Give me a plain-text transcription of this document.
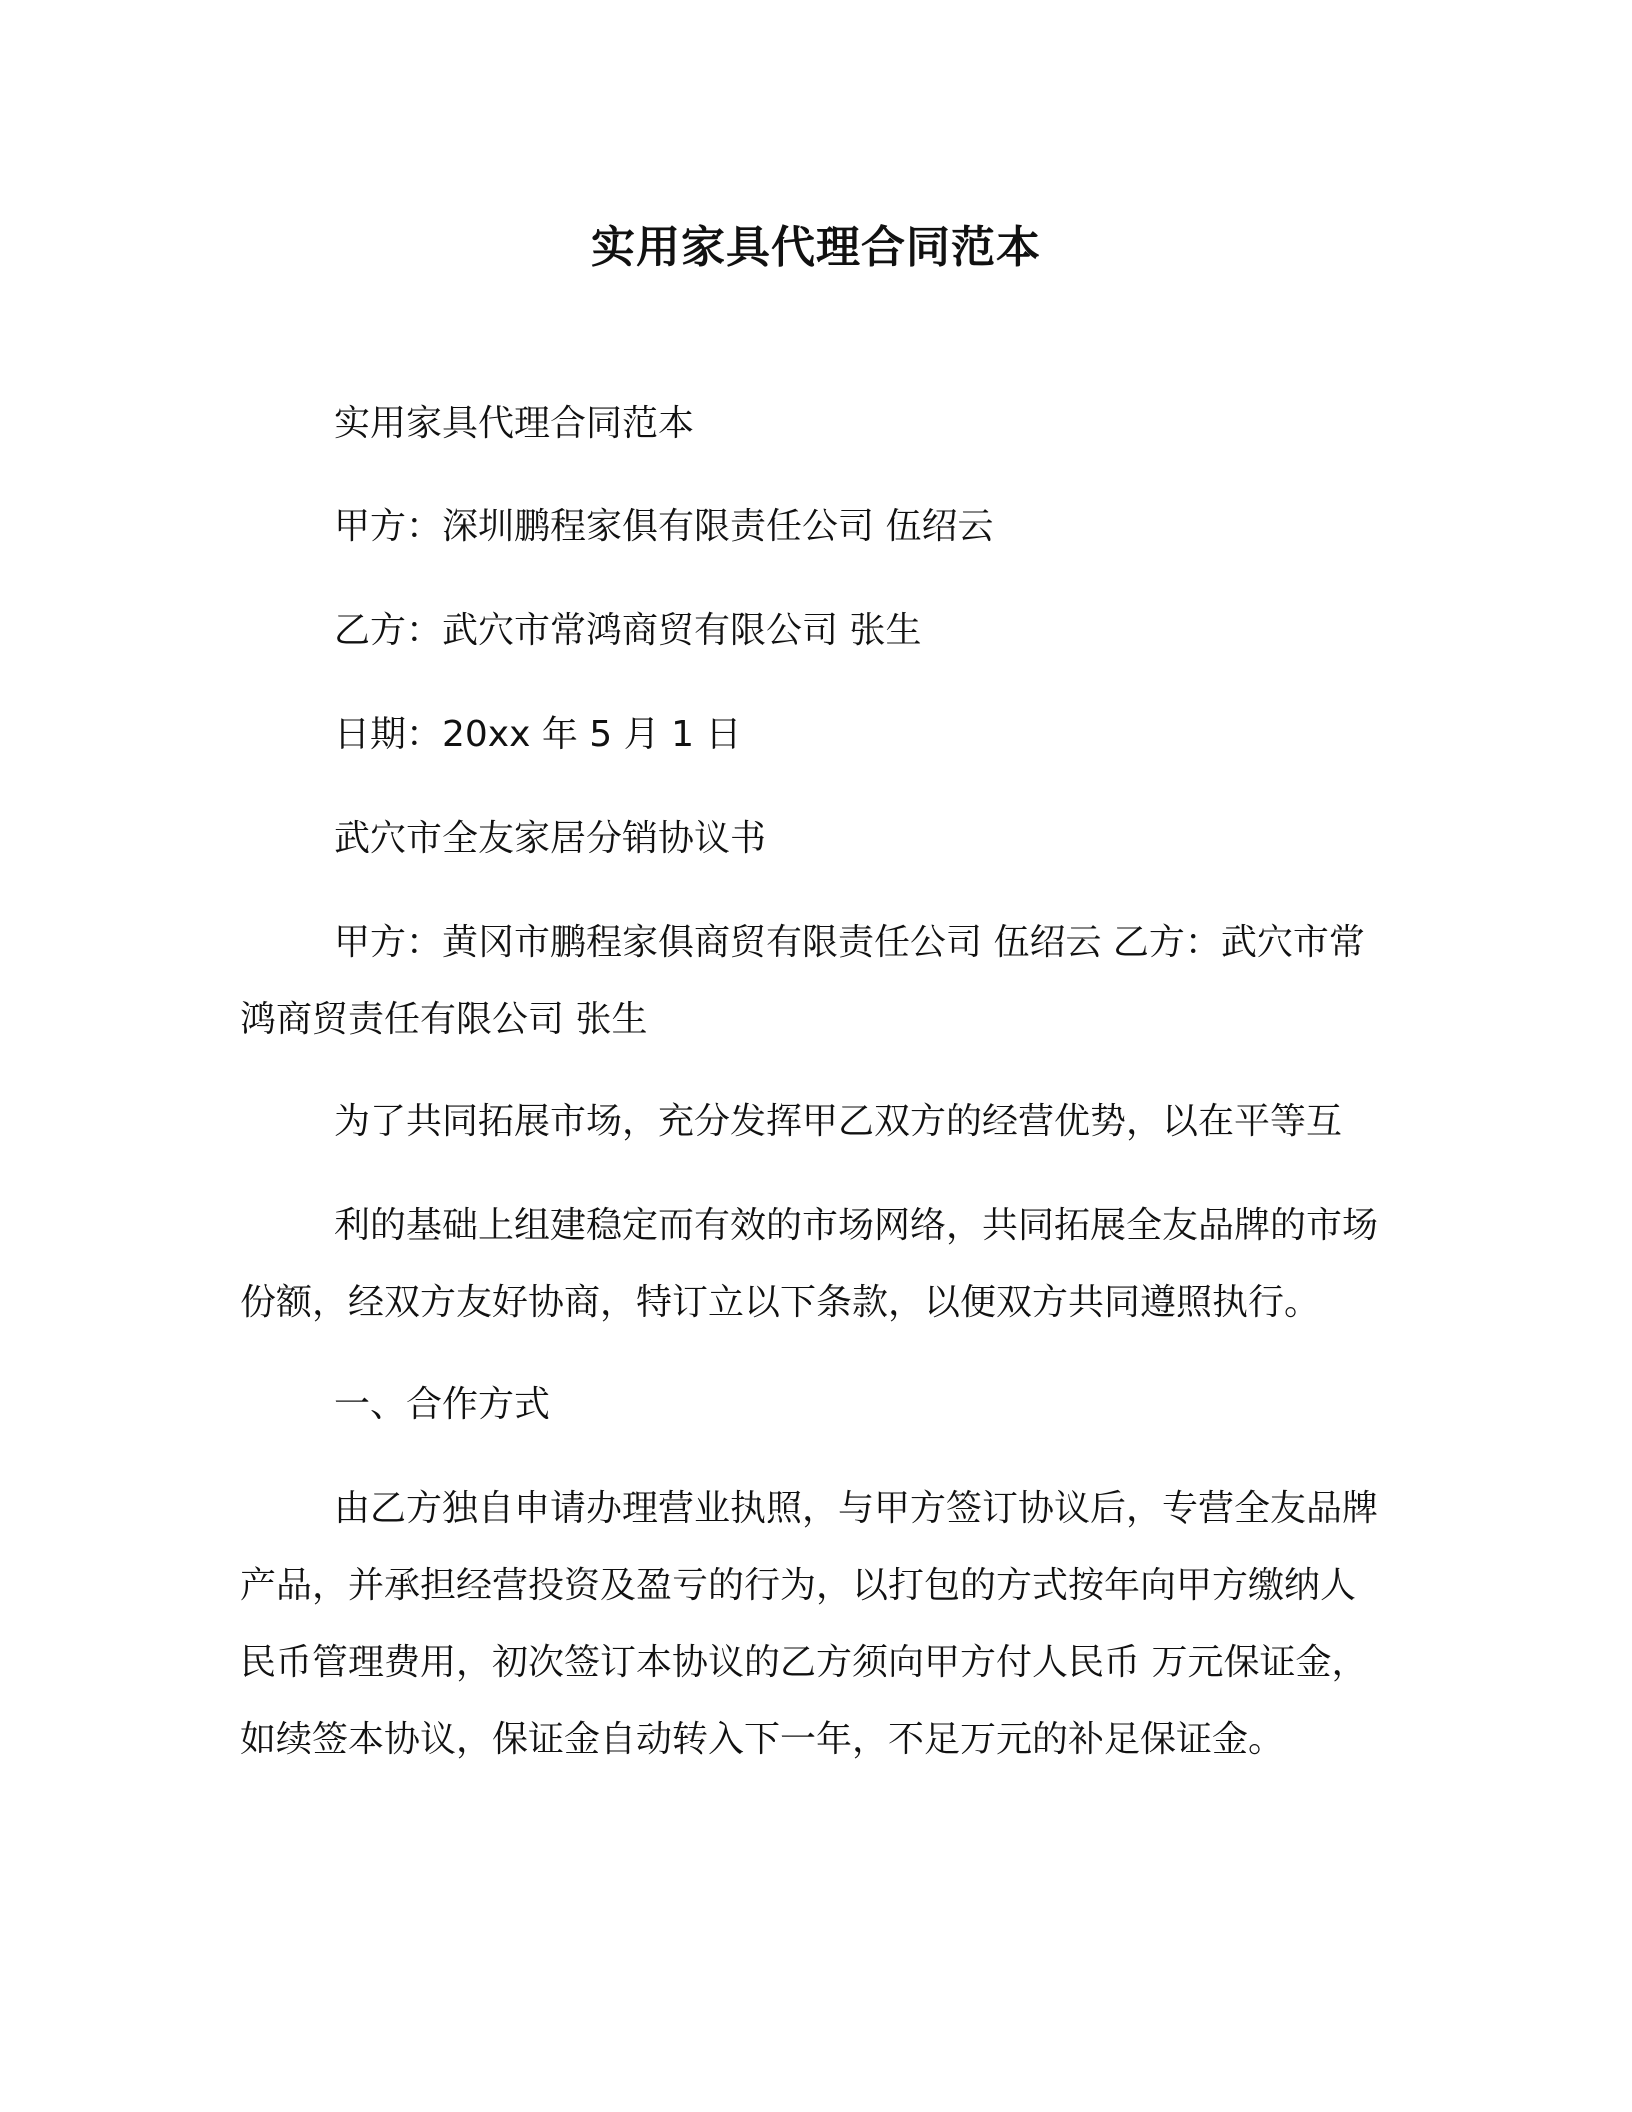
实用家具代理合同范本

实用家具代理合同范本

甲方：深圳鹏程家俱有限责任公司 伍绍云

乙方：武穴市常鸿商贸有限公司 张生

日期：20xx 年 5 月 1 日

武穴市全友家居分销协议书

甲方：黄冈市鹏程家俱商贸有限责任公司 伍绍云 乙方：武穴市常鸿商贸责任有限公司 张生

为了共同拓展市场，充分发挥甲乙双方的经营优势，以在平等互

利的基础上组建稳定而有效的市场网络，共同拓展全友品牌的市场份额，经双方友好协商，特订立以下条款，以便双方共同遵照执行。

一、合作方式

由乙方独自申请办理营业执照，与甲方签订协议后，专营全友品牌产品，并承担经营投资及盈亏的行为，以打包的方式按年向甲方缴纳人民币管理费用，初次签订本协议的乙方须向甲方付人民币 万元保证金，如续签本协议，保证金自动转入下一年，不足万元的补足保证金。
